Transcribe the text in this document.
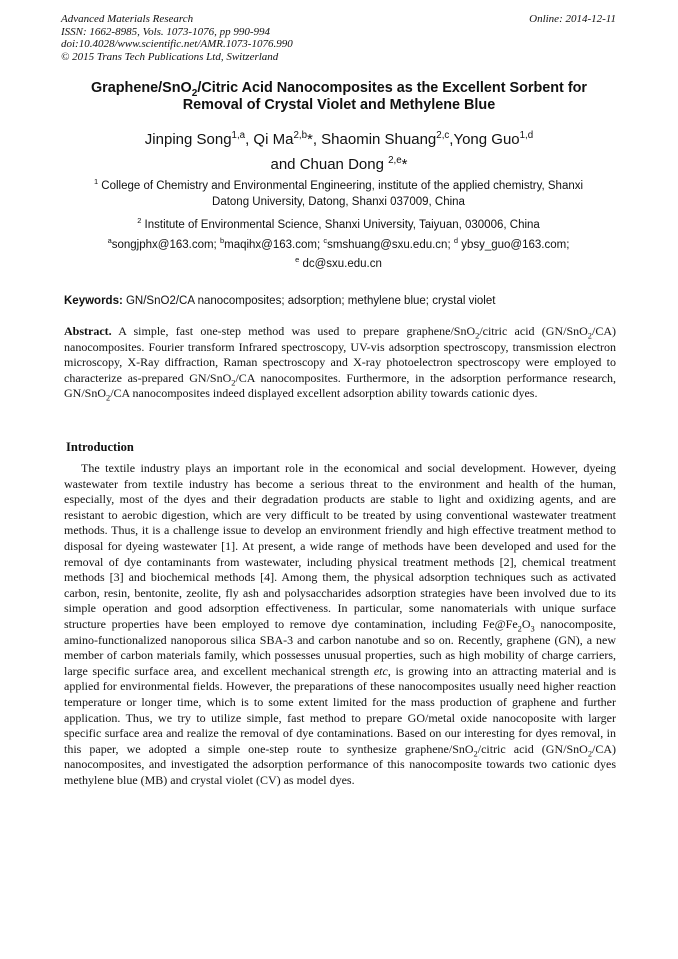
Advanced Materials Research
ISSN: 1662-8985, Vols. 1073-1076, pp 990-994
doi:10.4028/www.scientific.net/AMR.1073-1076.990
© 2015 Trans Tech Publications Ltd, Switzerland
Online: 2014-12-11
Graphene/SnO$_2$/Citric Acid Nanocomposites as the Excellent Sorbent for
Removal of Crystal Violet and Methylene Blue
Jinping Song$^{1,a}$, Qi Ma$^{2,b}$*, Shaomin Shuang$^{2,c}$,Yong Guo$^{1,d}$
and Chuan Dong $^{2,e}$*
$^1$ College of Chemistry and Environmental Engineering, institute of the applied chemistry, Shanxi
Datong University, Datong, Shanxi 037009, China
$^2$ Institute of Environmental Science, Shanxi University, Taiyuan, 030006, China
$^a$songjphx@163.com; $^b$maqihx@163.com; $^c$smshuang@sxu.edu.cn; $^d$ ybsy_guo@163.com;
$^e$ dc@sxu.edu.cn
Keywords: GN/SnO2/CA nanocomposites; adsorption; methylene blue; crystal violet
Abstract. A simple, fast one-step method was used to prepare graphene/SnO$_2$/citric acid (GN/SnO$_2$/CA) nanocomposites. Fourier transform Infrared spectroscopy, UV-vis adsorption spectroscopy, transmission electron microscopy, X-Ray diffraction, Raman spectroscopy and X-ray photoelectron spectroscopy were employed to characterize as-prepared GN/SnO$_2$/CA nanocomposites. Furthermore, in the adsorption performance research, GN/SnO$_2$/CA nanocomposites indeed displayed excellent adsorption ability towards cationic dyes.
Introduction
The textile industry plays an important role in the economical and social development. However, dyeing wastewater from textile industry has become a serious threat to the environment and health of the human, especially, most of the dyes and their degradation products are stable to light and oxidizing agents, and are resistant to aerobic digestion, which are very difficult to be treated by using conventional wastewater treatment methods. Thus, it is a challenge issue to develop an environment friendly and high effective treatment method to disposal for dyeing wastewater [1]. At present, a wide range of methods have been developed and used for the removal of dye contaminants from wastewater, including physical treatment methods [2], chemical treatment methods [3] and biochemical methods [4]. Among them, the physical adsorption techniques such as activated carbon, resin, bentonite, zeolite, fly ash and polysaccharides adsorption strategies have been involved due to its simple operation and good adsorption effectiveness. In particular, some nanomaterials with unique surface structure properties have been employed to remove dye contamination, including $Fe@Fe_2O_3$ nanocomposite, amino-functionalized nanoporous silica SBA-3 and carbon nanotube and so on. Recently, graphene (GN), a new member of carbon materials family, which possesses unusual properties, such as high mobility of charge carriers, large specific surface area, and excellent mechanical strength etc, is growing into an attracting material and is applied for environmental fields. However, the preparations of these nanocomposites usually need higher reaction temperature or longer time, which is to some extent limited for the mass production of graphene and further application. Thus, we try to utilize simple, fast method to prepare GO/metal oxide nanocoposite with larger specific surface area and realize the removal of dye contaminations. Based on our interesting for dyes removal, in this paper, we adopted a simple one-step route to synthesize graphene/SnO$_2$/citric acid (GN/SnO$_2$/CA) nanocomposites, and investigated the adsorption performance of this nanocomposite towards two cationic dyes methylene blue (MB) and crystal violet (CV) as model dyes.
